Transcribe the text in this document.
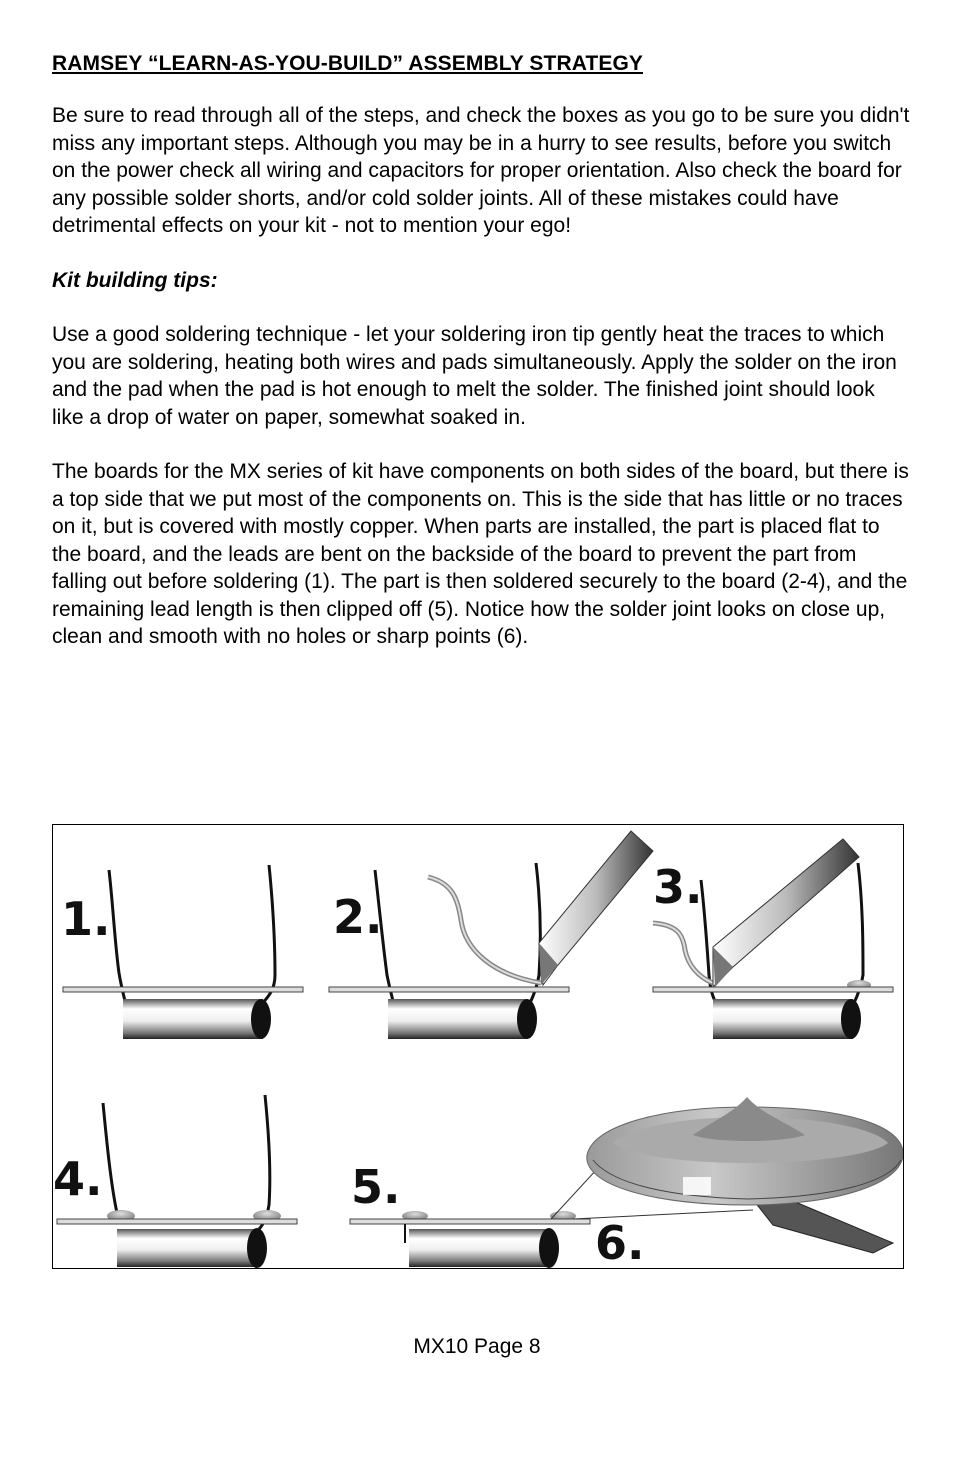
RAMSEY “LEARN-AS-YOU-BUILD” ASSEMBLY STRATEGY

Be sure to read through all of the steps, and check the boxes as you go to be sure you didn't miss any important steps. Although you may be in a hurry to see results, before you switch on the power check all wiring and capacitors for proper orientation. Also check the board for any possible solder shorts, and/or cold solder joints. All of these mistakes could have detrimental effects on your kit - not to mention your ego!

Kit building tips:

Use a good soldering technique - let your soldering iron tip gently heat the traces to which you are soldering, heating both wires and pads simultaneously. Apply the solder on the iron and the pad when the pad is hot enough to melt the solder. The finished joint should look like a drop of water on paper, somewhat soaked in.

The boards for the MX series of kit have components on both sides of the board, but there is a top side that we put most of the components on. This is the side that has little or no traces on it, but is covered with mostly copper. When parts are installed, the part is placed flat to the board, and the leads are bent on the backside of the board to prevent the part from falling out before soldering (1). The part is then soldered securely to the board (2-4), and the remaining lead length is then clipped off (5). Notice how the solder joint looks on close up, clean and smooth with no holes or sharp points (6).

1.	2.
3.
4.	5.
6.
MX10 Page 8
